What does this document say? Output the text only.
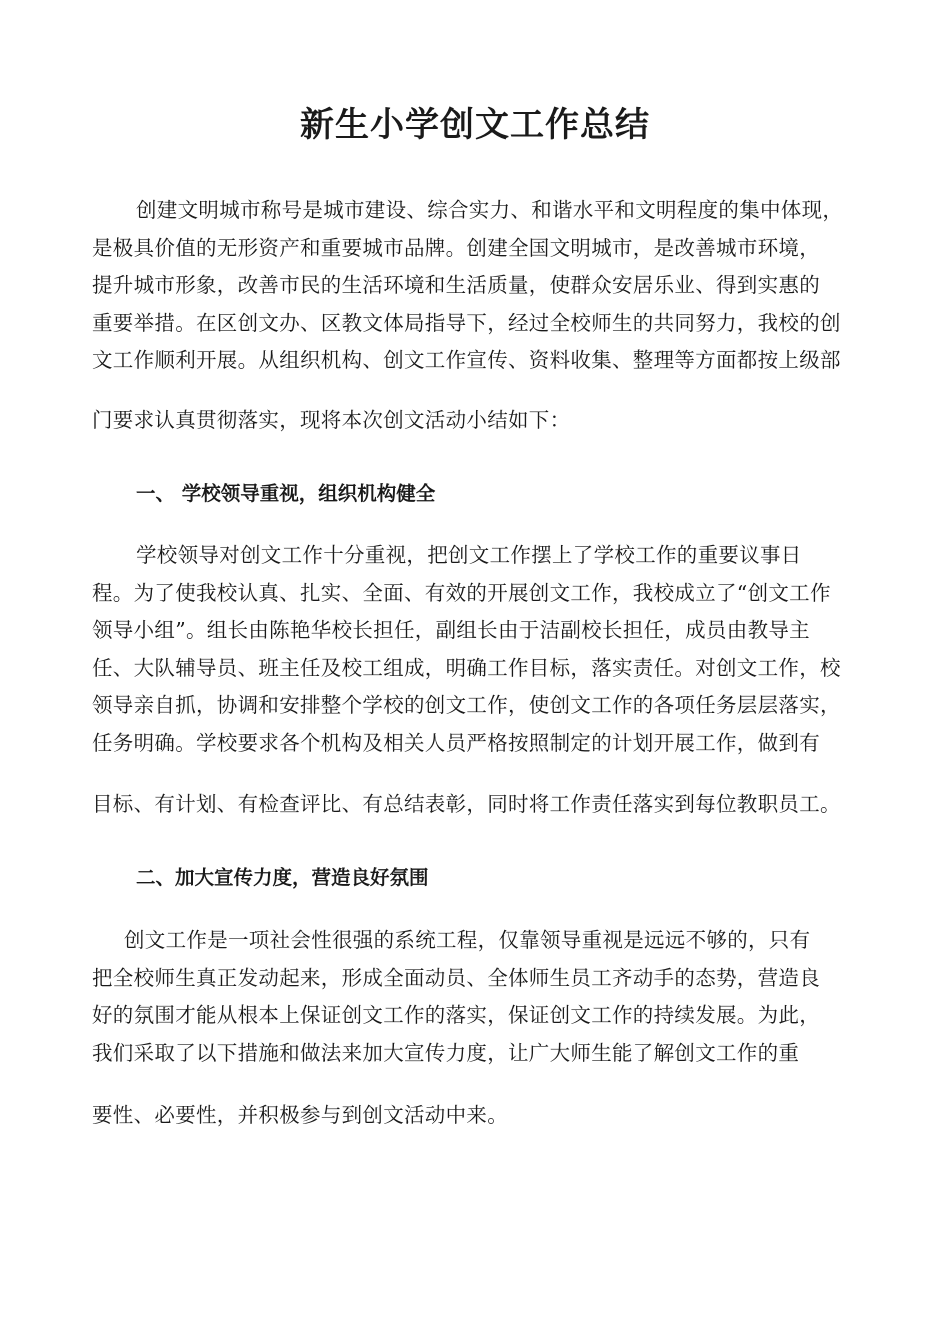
新生小学创文工作总结

创建文明城市称号是城市建设、综合实力、和谐水平和文明程度的集中体现，
是极具价值的无形资产和重要城市品牌。创建全国文明城市，是改善城市环境，
提升城市形象，改善市民的生活环境和生活质量，使群众安居乐业、得到实惠的
重要举措。在区创文办、区教文体局指导下，经过全校师生的共同努力，我校的创
文工作顺利开展。从组织机构、创文工作宣传、资料收集、整理等方面都按上级部

门要求认真贯彻落实，现将本次创文活动小结如下：

一、 学校领导重视，组织机构健全

学校领导对创文工作十分重视，把创文工作摆上了学校工作的重要议事日
程。为了使我校认真、扎实、全面、有效的开展创文工作，我校成立了“创文工作
领导小组”。组长由陈艳华校长担任，副组长由于洁副校长担任，成员由教导主
任、大队辅导员、班主任及校工组成，明确工作目标，落实责任。对创文工作，校
领导亲自抓，协调和安排整个学校的创文工作，使创文工作的各项任务层层落实，
任务明确。学校要求各个机构及相关人员严格按照制定的计划开展工作，做到有

目标、有计划、有检查评比、有总结表彰，同时将工作责任落实到每位教职员工。

二、加大宣传力度，营造良好氛围

创文工作是一项社会性很强的系统工程，仅靠领导重视是远远不够的，只有
把全校师生真正发动起来，形成全面动员、全体师生员工齐动手的态势，营造良
好的氛围才能从根本上保证创文工作的落实，保证创文工作的持续发展。为此，
我们采取了以下措施和做法来加大宣传力度，让广大师生能了解创文工作的重

要性、必要性，并积极参与到创文活动中来。
